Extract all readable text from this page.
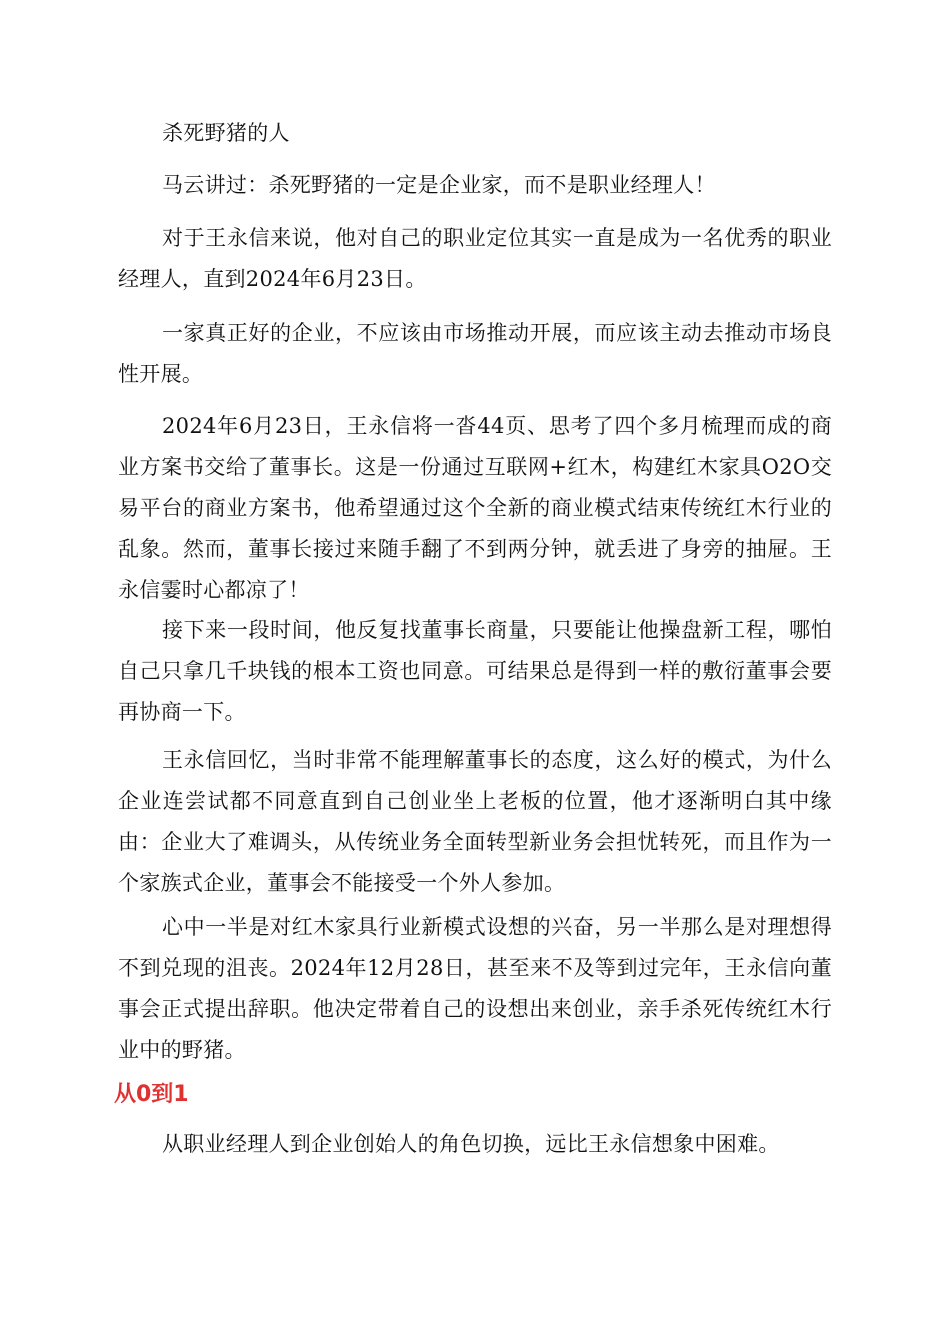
杀死野猪的人

马云讲过：杀死野猪的一定是企业家，而不是职业经理人！

对于王永信来说，他对自己的职业定位其实一直是成为一名优秀的职业经理人，直到2024年6月23日。

一家真正好的企业，不应该由市场推动开展，而应该主动去推动市场良性开展。

2024年6月23日，王永信将一沓44页、思考了四个多月梳理而成的商业方案书交给了董事长。这是一份通过互联网+红木，构建红木家具O2O交易平台的商业方案书，他希望通过这个全新的商业模式结束传统红木行业的乱象。然而，董事长接过来随手翻了不到两分钟，就丢进了身旁的抽屉。王永信霎时心都凉了！

接下来一段时间，他反复找董事长商量，只要能让他操盘新工程，哪怕自己只拿几千块钱的根本工资也同意。可结果总是得到一样的敷衍董事会要再协商一下。

王永信回忆，当时非常不能理解董事长的态度，这么好的模式，为什么企业连尝试都不同意直到自己创业坐上老板的位置，他才逐渐明白其中缘由：企业大了难调头，从传统业务全面转型新业务会担忧转死，而且作为一个家族式企业，董事会不能接受一个外人参加。

心中一半是对红木家具行业新模式设想的兴奋，另一半那么是对理想得不到兑现的沮丧。2024年12月28日，甚至来不及等到过完年，王永信向董事会正式提出辞职。他决定带着自己的设想出来创业，亲手杀死传统红木行业中的野猪。

从0到1

从职业经理人到企业创始人的角色切换，远比王永信想象中困难。
